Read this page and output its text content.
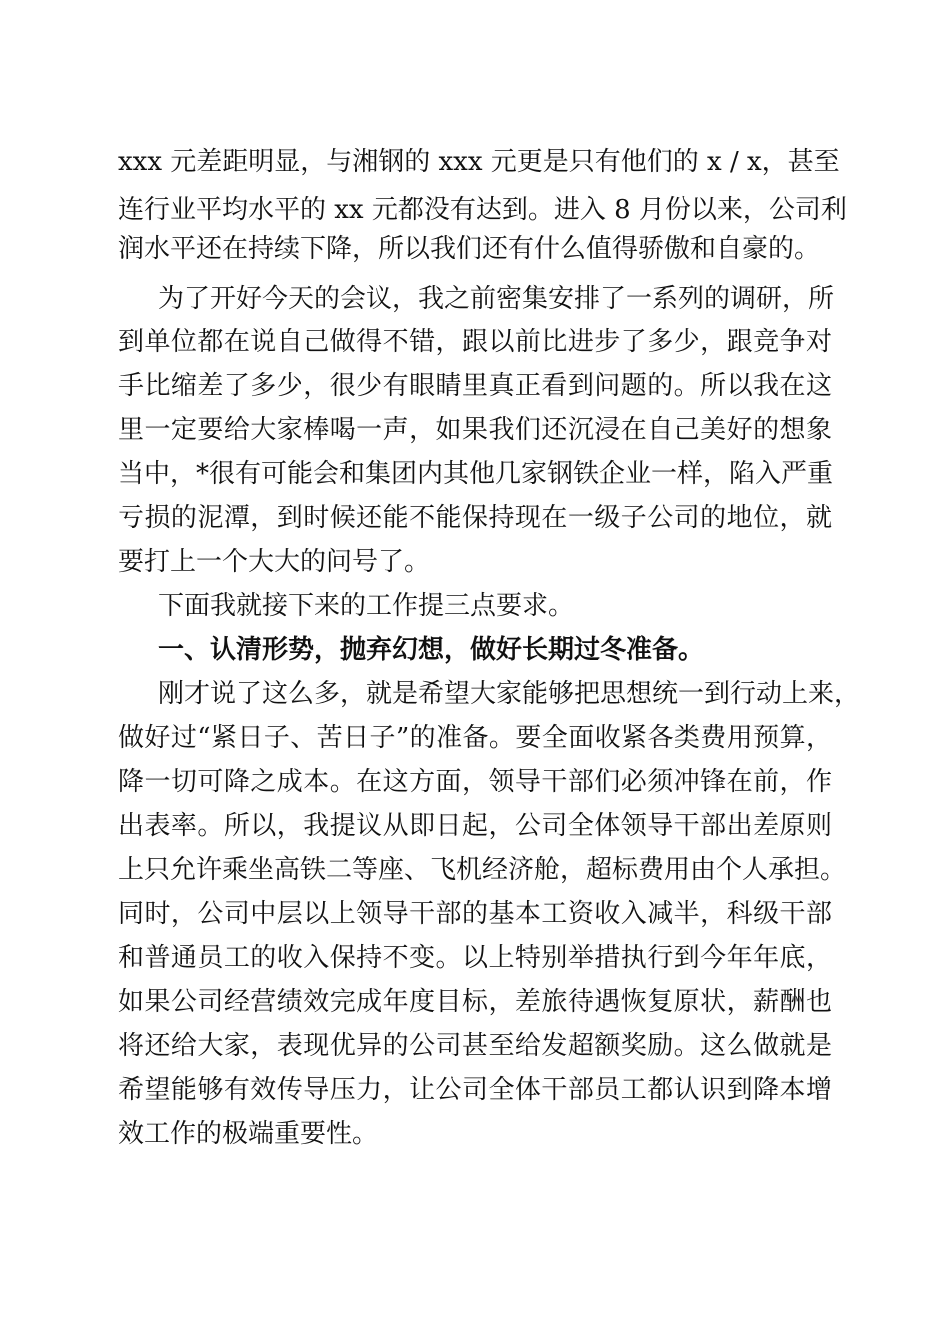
xxx 元差距明显，与湘钢的 xxx 元更是只有他们的 x / x，甚至
连行业平均水平的 xx 元都没有达到。进入 8 月份以来，公司利
润水平还在持续下降，所以我们还有什么值得骄傲和自豪的。
为了开好今天的会议，我之前密集安排了一系列的调研，所
到单位都在说自己做得不错，跟以前比进步了多少，跟竞争对
手比缩差了多少，很少有眼睛里真正看到问题的。所以我在这
里一定要给大家棒喝一声，如果我们还沉浸在自己美好的想象
当中，*很有可能会和集团内其他几家钢铁企业一样，陷入严重
亏损的泥潭，到时候还能不能保持现在一级子公司的地位，就
要打上一个大大的问号了。
下面我就接下来的工作提三点要求。
一、认清形势，抛弃幻想，做好长期过冬准备。
刚才说了这么多，就是希望大家能够把思想统一到行动上来，
做好过“紧日子、苦日子”的准备。要全面收紧各类费用预算，
降一切可降之成本。在这方面，领导干部们必须冲锋在前，作
出表率。所以，我提议从即日起，公司全体领导干部出差原则
上只允许乘坐高铁二等座、飞机经济舱，超标费用由个人承担。
同时，公司中层以上领导干部的基本工资收入减半，科级干部
和普通员工的收入保持不变。以上特别举措执行到今年年底，
如果公司经营绩效完成年度目标，差旅待遇恢复原状，薪酬也
将还给大家，表现优异的公司甚至给发超额奖励。这么做就是
希望能够有效传导压力，让公司全体干部员工都认识到降本增
效工作的极端重要性。
